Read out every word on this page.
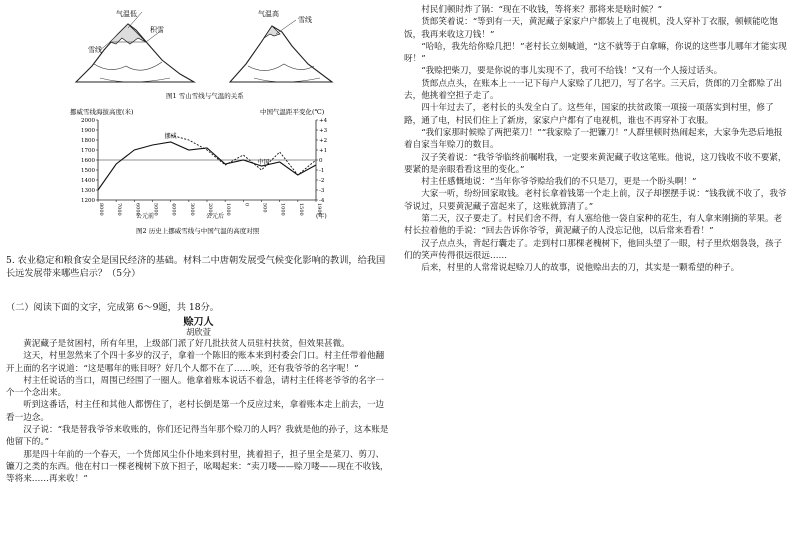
气温低
积雪
雪线
气温高
雪线
图1 雪山雪线与气温的关系
挪威雪线海拔高度(米)	中国气温距平变化(℃)
2000
1900
1800
1700
1600
1500
1400
1300
1200
+4
+3
+2
+1
0
-1
-2
-3
-4
8000 7000 6000 5000 4000 3000 2000 1000 0 500 1000 1500 1900
挪威
中国
公元前	公元后	(年)
图2 历史上挪威雪线与中国气温的高度对照
5. 农业稳定和粮食安全是国民经济的基础。材料二中唐朝发展受气候变化影响的教训，给我国长远发展带来哪些启示？（5分）
（二）阅读下面的文字，完成第 6～9题，共 18分。
赊刀人
胡欣萱

黄泥藏子是贫困村，所有年里，上级部门派了好几批扶贫人员驻村扶贫，但效果甚微。

这天，村里忽然来了个四十多岁的汉子，拿着一个陈旧的账本来到村委会门口。村主任带着他翻开上面的名字说道：“这是哪年的账目呀？好几个人都不在了……唉，还有我爷爷的名字呢！”

村主任说话的当口，周围已经围了一圈人。他拿着账本说话不着急，请村主任将老爷爷的名字一个一个念出来。

听到这番话，村主任和其他人都愣住了，老村长倒是第一个反应过来，拿着账本走上前去，一边看一边念。

汉子说：“我是替我爷爷来收账的，你们还记得当年那个赊刀的人吗？我就是他的孙子，这本账是他留下的。”

那是四十年前的一个春天，一个货郎风尘仆仆地来到村里，挑着担子，担子里全是菜刀、剪刀、镰刀之类的东西。他在村口一棵老槐树下放下担子，吆喝起来：“卖刀喽——赊刀喽——现在不收钱，等将来……再来收！”

村民们顿时炸了锅：“现在不收钱，等将来？那将来是啥时候？”

货郎笑着说：“等到有一天，黄泥藏子家家户户都装上了电视机，没人穿补丁衣服，顿顿能吃饱饭，我再来收这刀钱！”

“哈哈，我先给你赊几把！”老村长立刻喊道，“这不就等于白拿嘛，你说的这些事儿哪年才能实现呀！”

“我赊把柴刀，要是你说的事儿实现不了，我可不给钱！”又有一个人接过话头。

货郎点点头，在账本上一一记下每户人家赊了几把刀，写了名字。三天后，货郎的刀全都赊了出去，他挑着空担子走了。

四十年过去了，老村长的头发全白了。这些年，国家的扶贫政策一项接一项落实到村里，修了路，通了电，村民们住上了新房，家家户户都有了电视机，谁也不再穿补丁衣服。

“我们家那时候赊了两把菜刀！”“我家赊了一把镰刀！”人群里顿时热闹起来，大家争先恐后地报着自家当年赊刀的数目。

汉子笑着说：“我爷爷临终前嘱咐我，一定要来黄泥藏子收这笔账。他说，这刀钱收不收不要紧，要紧的是亲眼看看这里的变化。”

村主任感慨地说：“当年你爷爷赊给我们的不只是刀，更是一个盼头啊！”

大家一听，纷纷回家取钱。老村长拿着钱第一个走上前，汉子却摆摆手说：“钱我就不收了，我爷爷说过，只要黄泥藏子富起来了，这账就算清了。”

第二天，汉子要走了。村民们舍不得，有人塞给他一袋自家种的花生，有人拿来刚摘的苹果。老村长拉着他的手说：“回去告诉你爷爷，黄泥藏子的人没忘记他，以后常来看看！”

汉子点点头，背起行囊走了。走到村口那棵老槐树下，他回头望了一眼，村子里炊烟袅袅，孩子们的笑声传得很远很远……

后来，村里的人常常说起赊刀人的故事，说他赊出去的刀，其实是一颗希望的种子。
